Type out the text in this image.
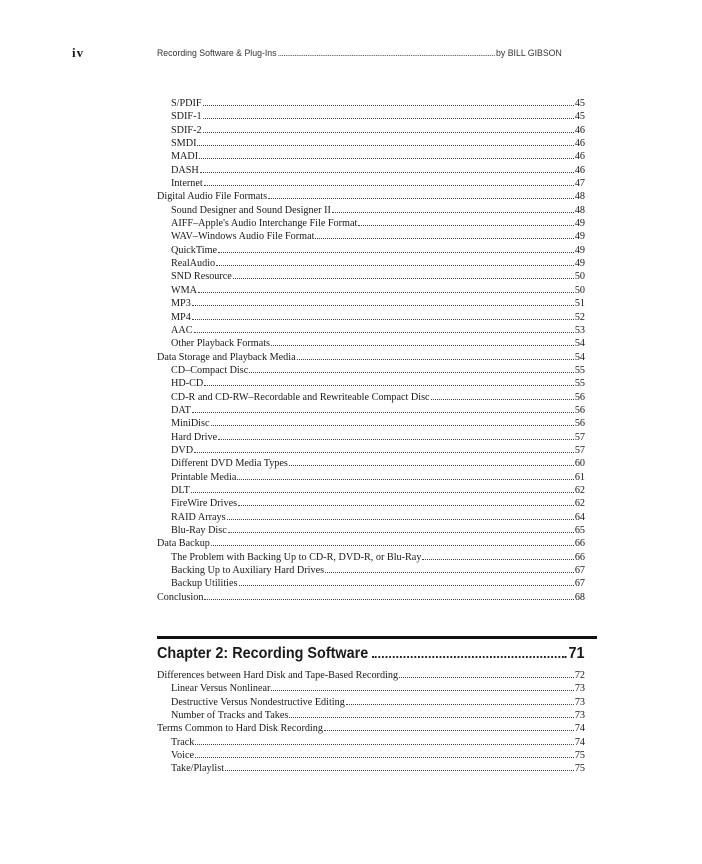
iv	Recording Software & Plug-Ins	by BILL GIBSON
S/PDIF	45
SDIF-1	45
SDIF-2	46
SMDI	46
MADI	46
DASH	46
Internet	47
Digital Audio File Formats	48
Sound Designer and Sound Designer II	48
AIFF–Apple's Audio Interchange File Format	49
WAV–Windows Audio File Format	49
QuickTime	49
RealAudio	49
SND Resource	50
WMA	50
MP3	51
MP4	52
AAC	53
Other Playback Formats	54
Data Storage and Playback Media	54
CD–Compact Disc	55
HD-CD	55
CD-R and CD-RW–Recordable and Rewriteable Compact Disc	56
DAT	56
MiniDisc	56
Hard Drive	57
DVD	57
Different DVD Media Types	60
Printable Media	61
DLT	62
FireWire Drives	62
RAID Arrays	64
Blu-Ray Disc	65
Data Backup	66
The Problem with Backing Up to CD-R, DVD-R, or Blu-Ray	66
Backing Up to Auxiliary Hard Drives	67
Backup Utilities	67
Conclusion	68
Chapter 2: Recording Software	71
Differences between Hard Disk and Tape-Based Recording	72
Linear Versus Nonlinear	73
Destructive Versus Nondestructive Editing	73
Number of Tracks and Takes	73
Terms Common to Hard Disk Recording	74
Track	74
Voice	75
Take/Playlist	75
